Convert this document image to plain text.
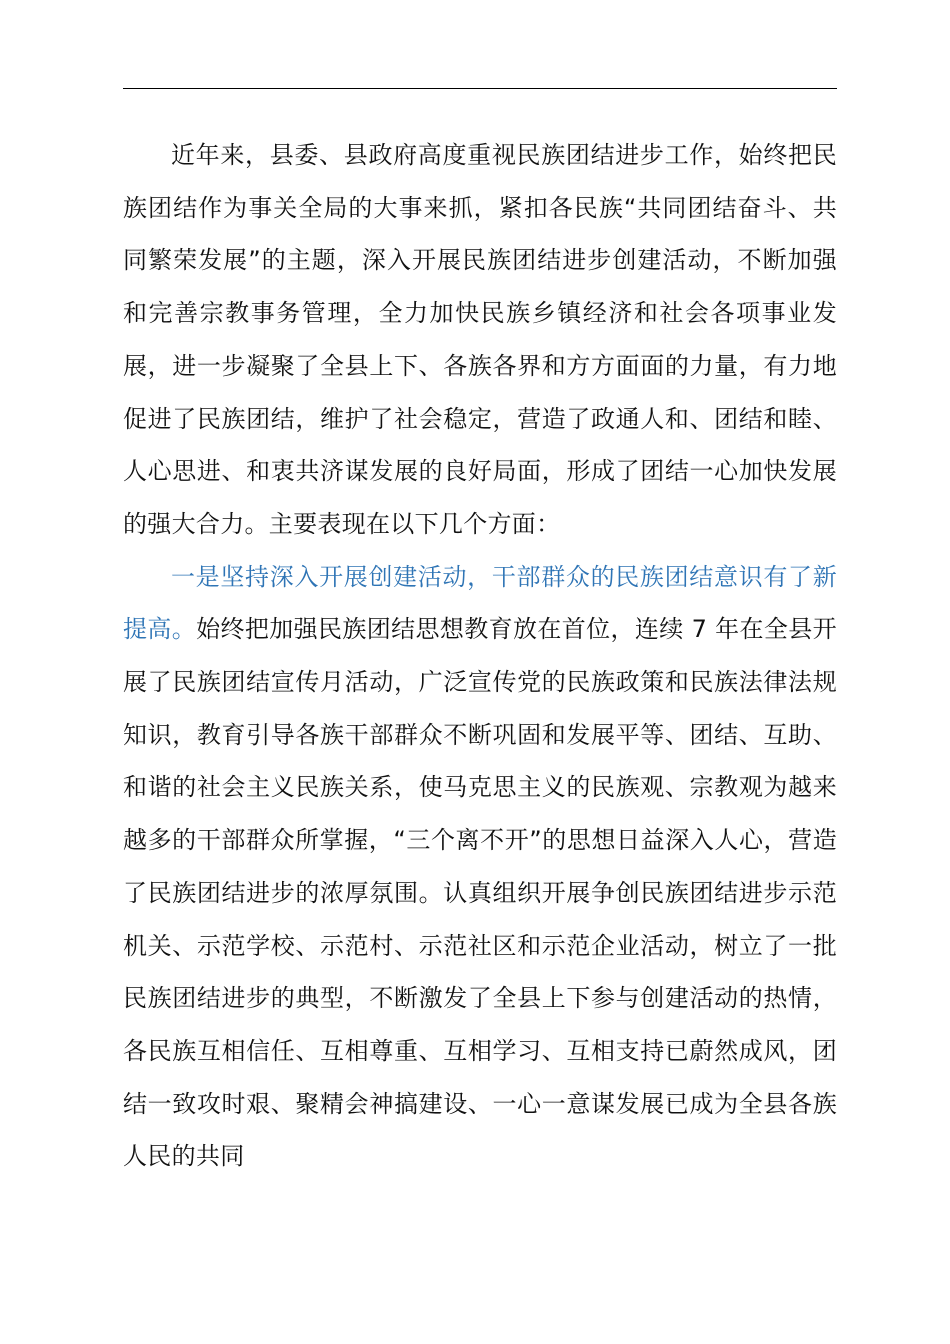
近年来，县委、县政府高度重视民族团结进步工作，始终把民族团结作为事关全局的大事来抓，紧扣各民族“共同团结奋斗、共同繁荣发展”的主题，深入开展民族团结进步创建活动，不断加强和完善宗教事务管理，全力加快民族乡镇经济和社会各项事业发展，进一步凝聚了全县上下、各族各界和方方面面的力量，有力地促进了民族团结，维护了社会稳定，营造了政通人和、团结和睦、人心思进、和衷共济谋发展的良好局面，形成了团结一心加快发展的强大合力。主要表现在以下几个方面：

一是坚持深入开展创建活动，干部群众的民族团结意识有了新提高。始终把加强民族团结思想教育放在首位，连续 7 年在全县开展了民族团结宣传月活动，广泛宣传党的民族政策和民族法律法规知识，教育引导各族干部群众不断巩固和发展平等、团结、互助、和谐的社会主义民族关系，使马克思主义的民族观、宗教观为越来越多的干部群众所掌握，“三个离不开”的思想日益深入人心，营造了民族团结进步的浓厚氛围。认真组织开展争创民族团结进步示范机关、示范学校、示范村、示范社区和示范企业活动，树立了一批民族团结进步的典型，不断激发了全县上下参与创建活动的热情，各民族互相信任、互相尊重、互相学习、互相支持已蔚然成风，团结一致攻时艰、聚精会神搞建设、一心一意谋发展已成为全县各族人民的共同
